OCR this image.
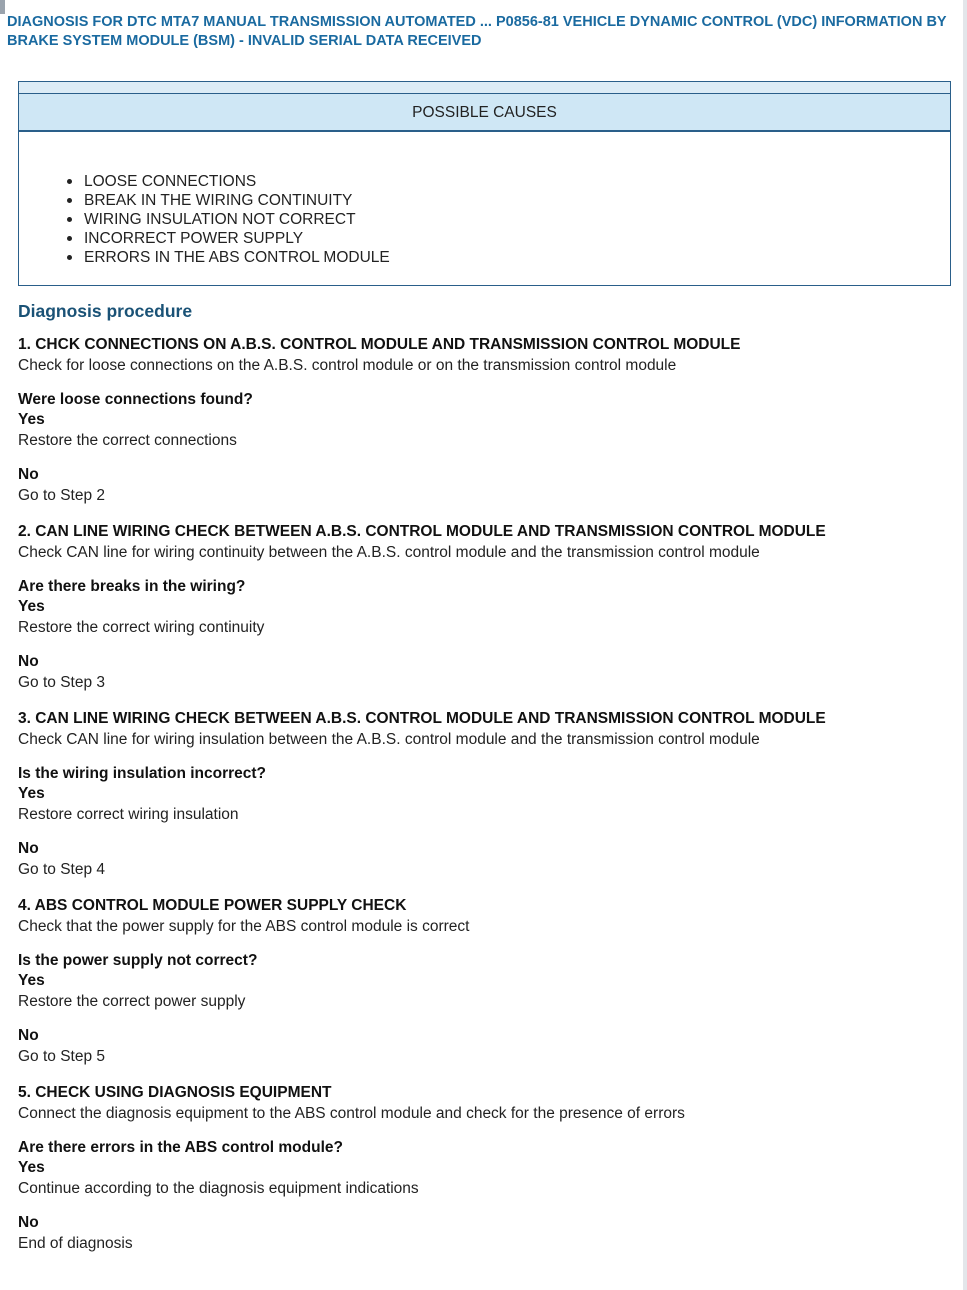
DIAGNOSIS FOR DTC MTA7 MANUAL TRANSMISSION AUTOMATED ... P0856-81 VEHICLE DYNAMIC CONTROL (VDC) INFORMATION BY BRAKE SYSTEM MODULE (BSM) - INVALID SERIAL DATA RECEIVED
POSSIBLE CAUSES
LOOSE CONNECTIONS
BREAK IN THE WIRING CONTINUITY
WIRING INSULATION NOT CORRECT
INCORRECT POWER SUPPLY
ERRORS IN THE ABS CONTROL MODULE
Diagnosis procedure
1. CHCK CONNECTIONS ON A.B.S. CONTROL MODULE AND TRANSMISSION CONTROL MODULE
Check for loose connections on the A.B.S. control module or on the transmission control module
Were loose connections found?
Yes
Restore the correct connections
No
Go to Step 2
2. CAN LINE WIRING CHECK BETWEEN A.B.S. CONTROL MODULE AND TRANSMISSION CONTROL MODULE
Check CAN line for wiring continuity between the A.B.S. control module and the transmission control module
Are there breaks in the wiring?
Yes
Restore the correct wiring continuity
No
Go to Step 3
3. CAN LINE WIRING CHECK BETWEEN A.B.S. CONTROL MODULE AND TRANSMISSION CONTROL MODULE
Check CAN line for wiring insulation between the A.B.S. control module and the transmission control module
Is the wiring insulation incorrect?
Yes
Restore correct wiring insulation
No
Go to Step 4
4. ABS CONTROL MODULE POWER SUPPLY CHECK
Check that the power supply for the ABS control module is correct
Is the power supply not correct?
Yes
Restore the correct power supply
No
Go to Step 5
5. CHECK USING DIAGNOSIS EQUIPMENT
Connect the diagnosis equipment to the ABS control module and check for the presence of errors
Are there errors in the ABS control module?
Yes
Continue according to the diagnosis equipment indications
No
End of diagnosis
